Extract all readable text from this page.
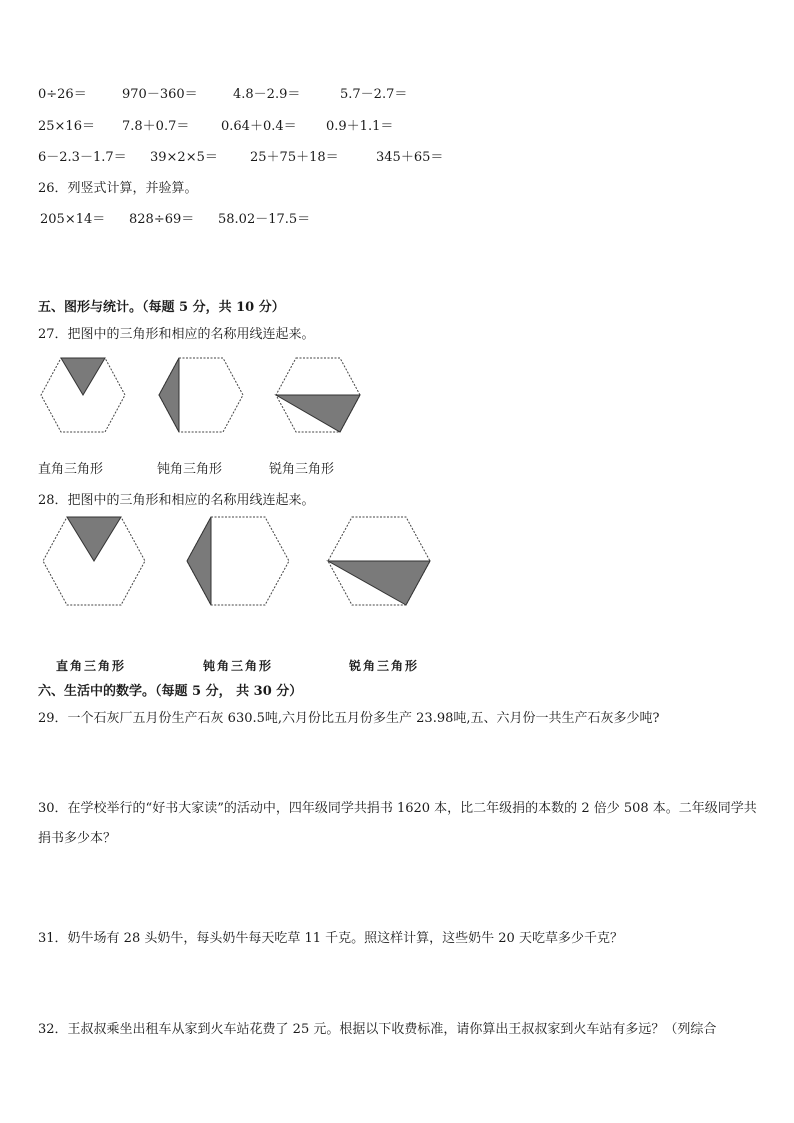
0÷26＝	970－360＝	4.8－2.9＝	5.7－2.7＝
25×16＝ 7.8＋0.7＝ 0.64＋0.4＝ 0.9＋1.1＝
6－2.3－1.7＝ 39×2×5＝ 25＋75＋18＝	345＋65＝
26．列竖式计算，并验算。
205×14＝ 828÷69＝ 58.02－17.5＝
五、图形与统计。（每题 5 分，共 10 分）
27．把图中的三角形和相应的名称用线连起来。
直角三角形	钝角三角形	锐角三角形
28．把图中的三角形和相应的名称用线连起来。
直角三角形	钝角三角形	锐角三角形
六、生活中的数学。（每题 5 分， 共 30 分）
29．一个石灰厂五月份生产石灰 630.5吨,六月份比五月份多生产 23.98吨,五、六月份一共生产石灰多少吨?
30．在学校举行的“好书大家读”的活动中，四年级同学共捐书 1620 本，比二年级捐的本数的 2 倍少 508 本。二年级同学共捐书多少本？
31．奶牛场有 28 头奶牛，每头奶牛每天吃草 11 千克。照这样计算，这些奶牛 20 天吃草多少千克？
32．王叔叔乘坐出租车从家到火车站花费了 25 元。根据以下收费标准，请你算出王叔叔家到火车站有多远？（列综合
